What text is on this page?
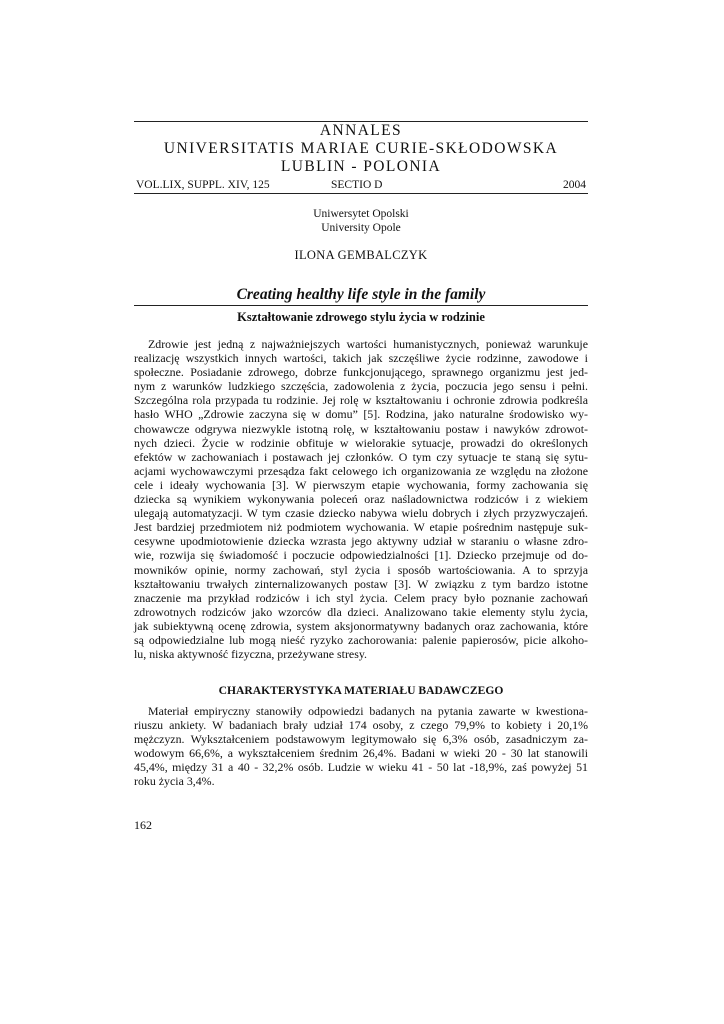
ANNALES
UNIVERSITATIS MARIAE CURIE-SKŁODOWSKA
LUBLIN - POLONIA
VOL.LIX, SUPPL. XIV, 125	SECTIO D	2004
Uniwersytet Opolski
University Opole
ILONA GEMBALCZYK
Creating healthy life style in the family
Kształtowanie zdrowego stylu życia w rodzinie
Zdrowie jest jedną z najważniejszych wartości humanistycznych, ponieważ warunkuje
realizację wszystkich innych wartości, takich jak szczęśliwe życie rodzinne, zawodowe i
społeczne. Posiadanie zdrowego, dobrze funkcjonującego, sprawnego organizmu jest jed-
nym z warunków ludzkiego szczęścia, zadowolenia z życia, poczucia jego sensu i pełni.
Szczególna rola przypada tu rodzinie. Jej rolę w kształtowaniu i ochronie zdrowia podkreśla
hasło WHO „Zdrowie zaczyna się w domu” [5]. Rodzina, jako naturalne środowisko wy-
chowawcze odgrywa niezwykle istotną rolę, w kształtowaniu postaw i nawyków zdrowot-
nych dzieci. Życie w rodzinie obfituje w wielorakie sytuacje, prowadzi do określonych
efektów w zachowaniach i postawach jej członków. O tym czy sytuacje te staną się sytu-
acjami wychowawczymi przesądza fakt celowego ich organizowania ze względu na złożone
cele i ideały wychowania [3]. W pierwszym etapie wychowania, formy zachowania się
dziecka są wynikiem wykonywania poleceń oraz naśladownictwa rodziców i z wiekiem
ulegają automatyzacji. W tym czasie dziecko nabywa wielu dobrych i złych przyzwyczajeń.
Jest bardziej przedmiotem niż podmiotem wychowania. W etapie pośrednim następuje suk-
cesywne upodmiotowienie dziecka wzrasta jego aktywny udział w staraniu o własne zdro-
wie, rozwija się świadomość i poczucie odpowiedzialności [1]. Dziecko przejmuje od do-
mowników opinie, normy zachowań, styl życia i sposób wartościowania. A to sprzyja
kształtowaniu trwałych zinternalizowanych postaw [3]. W związku z tym bardzo istotne
znaczenie ma przykład rodziców i ich styl życia. Celem pracy było poznanie zachowań
zdrowotnych rodziców jako wzorców dla dzieci. Analizowano takie elementy stylu życia,
jak subiektywną ocenę zdrowia, system aksjonormatywny badanych oraz zachowania, które
są odpowiedzialne lub mogą nieść ryzyko zachorowania: palenie papierosów, picie alkoho-
lu, niska aktywność fizyczna, przeżywane stresy.
CHARAKTERYSTYKA MATERIAŁU BADAWCZEGO
Materiał empiryczny stanowiły odpowiedzi badanych na pytania zawarte w kwestiona-
riuszu ankiety. W badaniach brały udział 174 osoby, z czego 79,9% to kobiety i 20,1%
mężczyzn. Wykształceniem podstawowym legitymowało się 6,3% osób, zasadniczym za-
wodowym 66,6%, a wykształceniem średnim 26,4%. Badani w wieki 20 - 30 lat stanowili
45,4%, między 31 a 40 - 32,2% osób. Ludzie w wieku 41 - 50 lat -18,9%, zaś powyżej 51
roku życia 3,4%.
162
